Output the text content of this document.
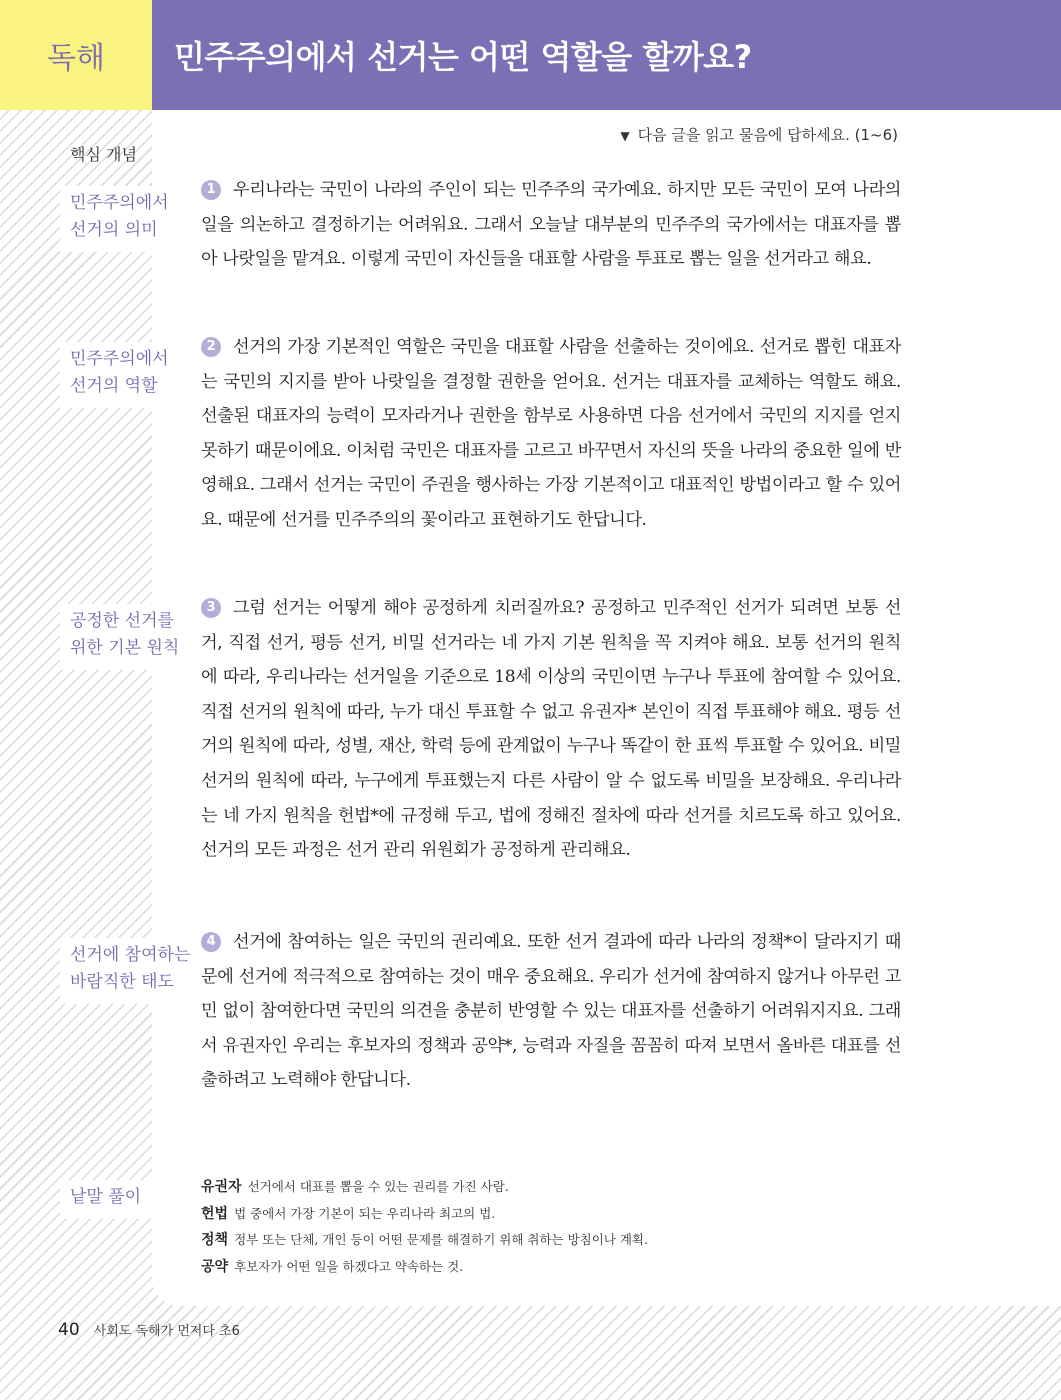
독해 민주주의에서 선거는 어떤 역할을 할까요?
▼ 다음 글을 읽고 물음에 답하세요. (1~6)
핵심 개념
민주주의에서
선거의 의미
민주주의에서
선거의 역할
공정한 선거를
위한 기본 원칙
선거에 참여하는
바람직한 태도
1 우리나라는 국민이 나라의 주인이 되는 민주주의 국가예요. 하지만 모든 국민이 모여 나라의 일을 의논하고 결정하기는 어려워요. 그래서 오늘날 대부분의 민주주의 국가에서는 대표자를 뽑아 나랏일을 맡겨요. 이렇게 국민이 자신들을 대표할 사람을 투표로 뽑는 일을 선거라고 해요.
2 선거의 가장 기본적인 역할은 국민을 대표할 사람을 선출하는 것이에요. 선거로 뽑힌 대표자는 국민의 지지를 받아 나랏일을 결정할 권한을 얻어요. 선거는 대표자를 교체하는 역할도 해요. 선출된 대표자의 능력이 모자라거나 권한을 함부로 사용하면 다음 선거에서 국민의 지지를 얻지 못하기 때문이에요. 이처럼 국민은 대표자를 고르고 바꾸면서 자신의 뜻을 나라의 중요한 일에 반영해요. 그래서 선거는 국민이 주권을 행사하는 가장 기본적이고 대표적인 방법이라고 할 수 있어요. 때문에 선거를 민주주의의 꽃이라고 표현하기도 한답니다.
3 그럼 선거는 어떻게 해야 공정하게 치러질까요? 공정하고 민주적인 선거가 되려면 보통 선거, 직접 선거, 평등 선거, 비밀 선거라는 네 가지 기본 원칙을 꼭 지켜야 해요. 보통 선거의 원칙에 따라, 우리나라는 선거일을 기준으로 18세 이상의 국민이면 누구나 투표에 참여할 수 있어요. 직접 선거의 원칙에 따라, 누가 대신 투표할 수 없고 유권자* 본인이 직접 투표해야 해요. 평등 선거의 원칙에 따라, 성별, 재산, 학력 등에 관계없이 누구나 똑같이 한 표씩 투표할 수 있어요. 비밀 선거의 원칙에 따라, 누구에게 투표했는지 다른 사람이 알 수 없도록 비밀을 보장해요. 우리나라는 네 가지 원칙을 헌법*에 규정해 두고, 법에 정해진 절차에 따라 선거를 치르도록 하고 있어요. 선거의 모든 과정은 선거 관리 위원회가 공정하게 관리해요.
4 선거에 참여하는 일은 국민의 권리예요. 또한 선거 결과에 따라 나라의 정책*이 달라지기 때문에 선거에 적극적으로 참여하는 것이 매우 중요해요. 우리가 선거에 참여하지 않거나 아무런 고민 없이 참여한다면 국민의 의견을 충분히 반영할 수 있는 대표자를 선출하기 어려워지지요. 그래서 유권자인 우리는 후보자의 정책과 공약*, 능력과 자질을 꼼꼼히 따져 보면서 올바른 대표를 선출하려고 노력해야 한답니다.
낱말 풀이	유권자 선거에서 대표를 뽑을 수 있는 권리를 가진 사람.
헌법 법 중에서 가장 기본이 되는 우리나라 최고의 법.
정책 정부 또는 단체, 개인 등이 어떤 문제를 해결하기 위해 취하는 방침이나 계획.
공약 후보자가 어떤 일을 하겠다고 약속하는 것.
40 사회도 독해가 먼저다 초6
